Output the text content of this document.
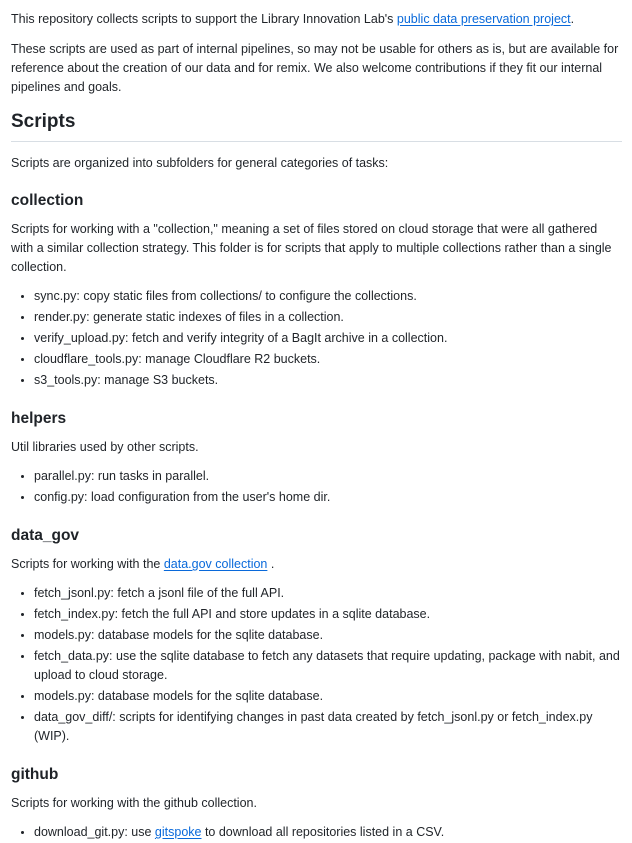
This repository collects scripts to support the Library Innovation Lab's public data preservation project.

These scripts are used as part of internal pipelines, so may not be usable for others as is, but are available for reference about the creation of our data and for remix. We also welcome contributions if they fit our internal pipelines and goals.

Scripts

Scripts are organized into subfolders for general categories of tasks:

collection

Scripts for working with a "collection," meaning a set of files stored on cloud storage that were all gathered with a similar collection strategy. This folder is for scripts that apply to multiple collections rather than a single collection.

• sync.py: copy static files from collections/ to configure the collections.
• render.py: generate static indexes of files in a collection.
• verify_upload.py: fetch and verify integrity of a BagIt archive in a collection.
• cloudflare_tools.py: manage Cloudflare R2 buckets.
• s3_tools.py: manage S3 buckets.
helpers

Util libraries used by other scripts.

• parallel.py: run tasks in parallel.
• config.py: load configuration from the user's home dir.
data_gov

Scripts for working with the data.gov collection .

• fetch_jsonl.py: fetch a jsonl file of the full API.
• fetch_index.py: fetch the full API and store updates in a sqlite database.
• models.py: database models for the sqlite database.
• fetch_data.py: use the sqlite database to fetch any datasets that require updating, package with nabit, and upload to cloud storage.
• models.py: database models for the sqlite database.
• data_gov_diff/: scripts for identifying changes in past data created by fetch_jsonl.py or fetch_index.py (WIP).
github

Scripts for working with the github collection.

• download_git.py: use gitspoke to download all repositories listed in a CSV.
